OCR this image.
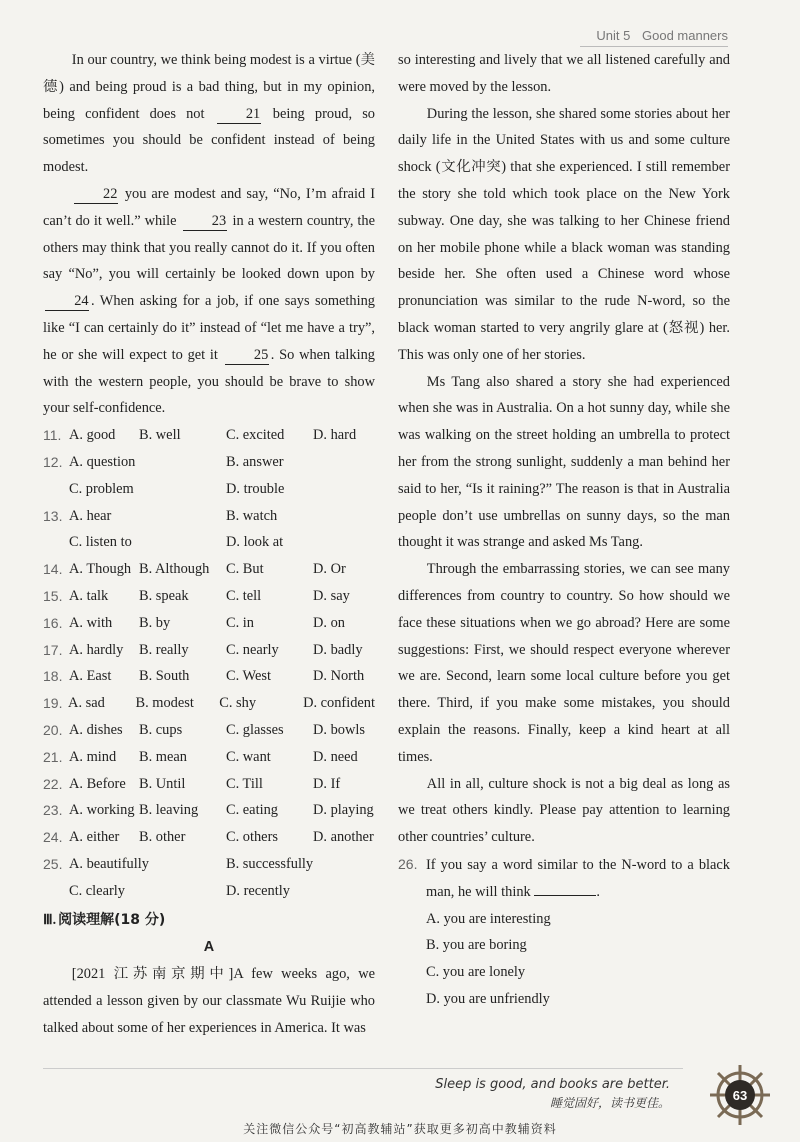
Unit 5 Good manners

In our country, we think being modest is a virtue (美德) and being proud is a bad thing, but in my opinion, being confident does not 21 being proud, so sometimes you should be confident instead of being modest.

22 you are modest and say, “No, I’m afraid I can’t do it well.” while 23 in a western country, the others may think that you really cannot do it. If you often say “No”, you will certainly be looked down upon by 24 . When asking for a job, if one says something like “I can certainly do it” instead of “let me have a try”, he or she will expect to get it 25 . So when talking with the western people, you should be brave to show your self-confidence.

11. A. good	B. well	C. excited	D. hard
12. A. question	B. answer
C. problem	D. trouble
13. A. hear	B. watch
C. listen to	D. look at
14. A. Though B. Although	C. But	D. Or
15. A. talk	B. speak	C. tell	D. say
16. A. with	B. by	C. in	D. on
17. A. hardly	B. really	C. nearly	D. badly
18. A. East	B. South	C. West	D. North
19. A. sad	B. modest	C. shy	D. confident
20. A. dishes	B. cups	C. glasses	D. bowls
21. A. mind	B. mean	C. want	D. need
22. A. Before B. Until	C. Till	D. If
23. A. working B. leaving	C. eating	D. playing
24. A. either	B. other	C. others	D. another
25. A. beautifully	B. successfully
C. clearly	D. recently
Ⅲ. 阅读理解(18 分)
A

[2021 江苏南京期中]A few weeks ago, we attended a lesson given by our classmate Wu Ruijie who talked about some of her experiences in America. It was

so interesting and lively that we all listened carefully and were moved by the lesson.

During the lesson, she shared some stories about her daily life in the United States with us and some culture shock (文化冲突) that she experienced. I still remember the story she told which took place on the New York subway. One day, she was talking to her Chinese friend on her mobile phone while a black woman was standing beside her. She often used a Chinese word whose pronunciation was similar to the rude N-word, so the black woman started to very angrily glare at (怒视) her. This was only one of her stories.

Ms Tang also shared a story she had experienced when she was in Australia. On a hot sunny day, while she was walking on the street holding an umbrella to protect her from the strong sunlight, suddenly a man behind her said to her, “Is it raining?” The reason is that in Australia people don’t use umbrellas on sunny days, so the man thought it was strange and asked Ms Tang.

Through the embarrassing stories, we can see many differences from country to country. So how should we face these situations when we go abroad? Here are some suggestions: First, we should respect everyone wherever we are. Second, learn some local culture before you get there. Third, if you make some mistakes, you should explain the reasons. Finally, keep a kind heart at all times.

All in all, culture shock is not a big deal as long as we treat others kindly. Please pay attention to learning other countries’ culture.

26. If you say a word similar to the N-word to a black man, he will think	.
A. you are interesting
B. you are boring
C. you are lonely
D. you are unfriendly
Sleep is good, and books are better.
睡觉固好，读书更佳。	63
关注微信公众号“初高教辅站”获取更多初高中教辅资料
